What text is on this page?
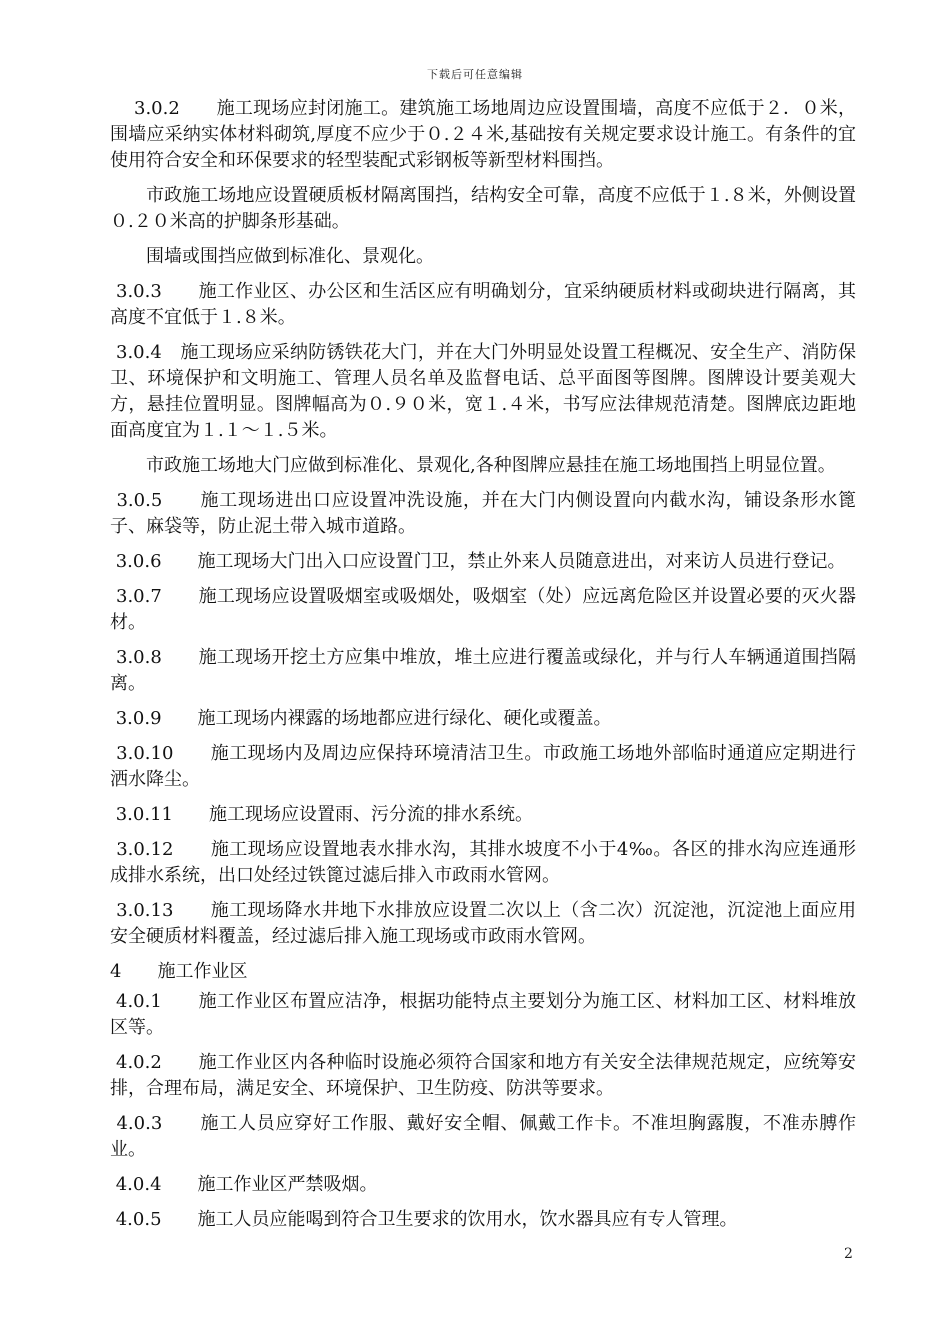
下载后可任意编辑

3.0.2　　施工现场应封闭施工。建筑施工场地周边应设置围墙，高度不应低于２．０米，围墙应采纳实体材料砌筑,厚度不应少于０.２４米,基础按有关规定要求设计施工。有条件的宜使用符合安全和环保要求的轻型装配式彩钢板等新型材料围挡。

　　市政施工场地应设置硬质板材隔离围挡，结构安全可靠，高度不应低于１.８米，外侧设置０.２０米高的护脚条形基础。

　　围墙或围挡应做到标准化、景观化。

3.0.3　　施工作业区、办公区和生活区应有明确划分，宜采纳硬质材料或砌块进行隔离，其高度不宜低于１.８米。

3.0.4　施工现场应采纳防锈铁花大门，并在大门外明显处设置工程概况、安全生产、消防保卫、环境保护和文明施工、管理人员名单及监督电话、总平面图等图牌。图牌设计要美观大方，悬挂位置明显。图牌幅高为０.９０米，宽１.４米，书写应法律规范清楚。图牌底边距地面高度宜为１.１～１.５米。

　　市政施工场地大门应做到标准化、景观化,各种图牌应悬挂在施工场地围挡上明显位置。

3.0.5　　施工现场进出口应设置冲洗设施，并在大门内侧设置向内截水沟，铺设条形水篦子、麻袋等，防止泥土带入城市道路。

3.0.6　　施工现场大门出入口应设置门卫，禁止外来人员随意进出，对来访人员进行登记。

3.0.7　　施工现场应设置吸烟室或吸烟处，吸烟室（处）应远离危险区并设置必要的灭火器材。

3.0.8　　施工现场开挖土方应集中堆放，堆土应进行覆盖或绿化，并与行人车辆通道围挡隔离。

3.0.9　　施工现场内裸露的场地都应进行绿化、硬化或覆盖。

3.0.10　　施工现场内及周边应保持环境清洁卫生。市政施工场地外部临时通道应定期进行洒水降尘。

3.0.11　　施工现场应设置雨、污分流的排水系统。

3.0.12　　施工现场应设置地表水排水沟，其排水坡度不小于4‰。各区的排水沟应连通形成排水系统，出口处经过铁篦过滤后排入市政雨水管网。

3.0.13　　施工现场降水井地下水排放应设置二次以上（含二次）沉淀池，沉淀池上面应用安全硬质材料覆盖，经过滤后排入施工现场或市政雨水管网。

4　　施工作业区

4.0.1　　施工作业区布置应洁净，根据功能特点主要划分为施工区、材料加工区、材料堆放区等。

4.0.2　　施工作业区内各种临时设施必须符合国家和地方有关安全法律规范规定，应统筹安排，合理布局，满足安全、环境保护、卫生防疫、防洪等要求。

4.0.3　　施工人员应穿好工作服、戴好安全帽、佩戴工作卡。不准坦胸露腹，不准赤膊作业。

4.0.4　　施工作业区严禁吸烟。

4.0.5　　施工人员应能喝到符合卫生要求的饮用水，饮水器具应有专人管理。

2
